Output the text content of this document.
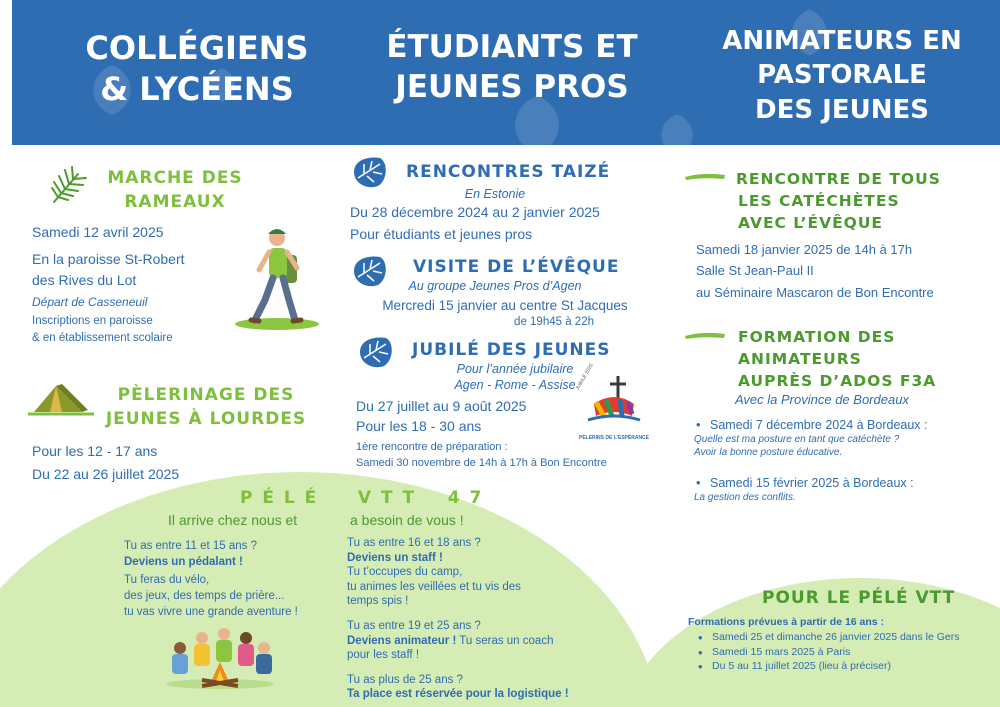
COLLÉGIENS
& LYCÉENS
ÉTUDIANTS ET
JEUNES PROS
ANIMATEURS EN
PASTORALE
DES JEUNES
MARCHE DES
RAMEAUX
Samedi 12 avril 2025
En la paroisse St-Robert
des Rives du Lot
Départ de Casseneuil
Inscriptions en paroisse
& en établissement scolaire
PÈLERINAGE DES
JEUNES À LOURDES
Pour les 12 - 17 ans
Du 22 au 26 juillet 2025
RENCONTRES TAIZÉ
En Estonie
Du 28 décembre 2024 au 2 janvier 2025
Pour étudiants et jeunes pros
VISITE DE L’ÉVÊQUE
Au groupe Jeunes Pros d’Agen
Mercredi 15 janvier au centre St Jacques
de 19h45 à 22h
JUBILÉ DES JEUNES
Pour l’année jubilaire
Agen - Rome - Assise
Du 27 juillet au 9 août 2025
Pour les 18 - 30 ans
1ère rencontre de préparation :
Samedi 30 novembre de 14h à 17h à Bon Encontre
JUBILÉ 2025
PÈLERINS DE L’ESPÉRANCE
RENCONTRE DE TOUS
LES CATÉCHÈTES
AVEC L’ÉVÊQUE
Samedi 18 janvier 2025 de 14h à 17h
Salle St Jean-Paul II
au Séminaire Mascaron de Bon Encontre
FORMATION DES
ANIMATEURS
AUPRÈS D’ADOS F3A
Avec la Province de Bordeaux
• Samedi 7 décembre 2024 à Bordeaux :
Quelle est ma posture en tant que catéchète ?
Avoir la bonne posture éducative.
• Samedi 15 février 2025 à Bordeaux :
La gestion des conflits.
P É L É     V T T    4 7
Il arrive chez nous et	a besoin de vous !
Tu as entre 11 et 15 ans ?
Deviens un pédalant !
Tu feras du vélo,
des jeux, des temps de prière...
tu vas vivre une grande aventure !
Tu as entre 16 et 18 ans ?
Deviens un staff !
Tu t’occupes du camp,
tu animes les veillées et tu vis des
temps spis !
Tu as entre 19 et 25 ans ?
Deviens animateur ! Tu seras un coach
pour les staff !
Tu as plus de 25 ans ?
Ta place est réservée pour la logistique !
POUR LE PÉLÉ VTT
Formations prévues à partir de 16 ans :
• Samedi 25 et dimanche 26 janvier 2025 dans le Gers
• Samedi 15 mars 2025 à Paris
• Du 5 au 11 juillet 2025 (lieu à préciser)
